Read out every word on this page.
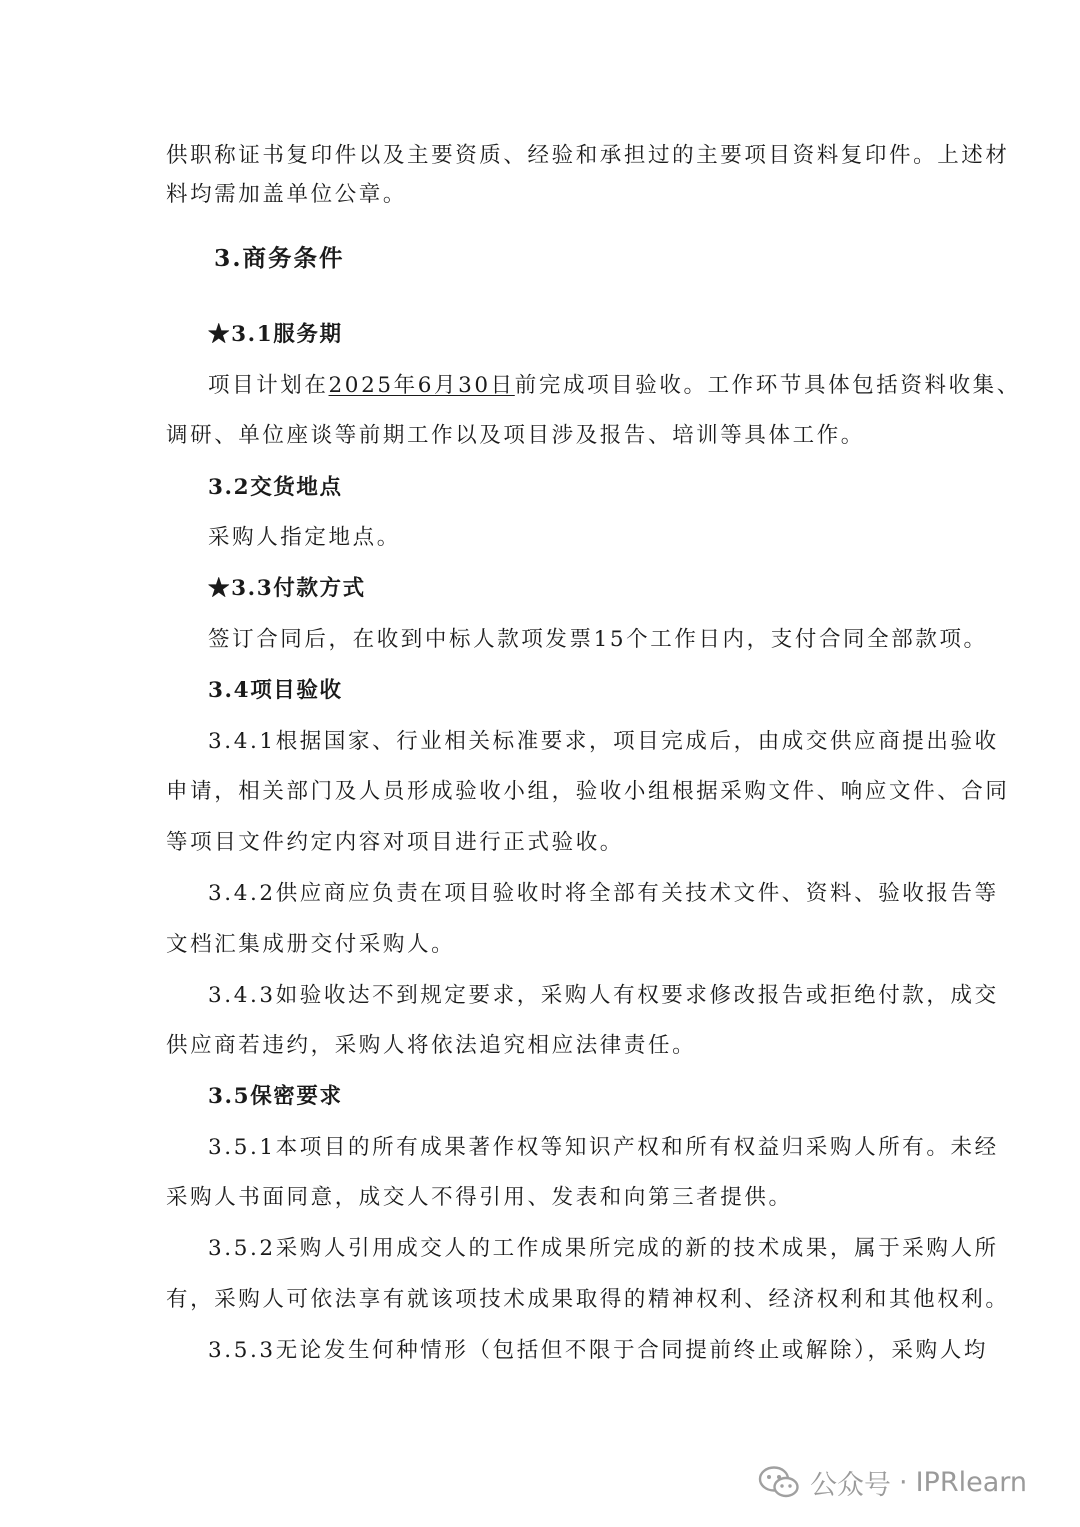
供职称证书复印件以及主要资质、经验和承担过的主要项目资料复印件。上述材
料均需加盖单位公章。
3.商务条件
★3.1服务期
项目计划在2025年6月30日前完成项目验收。工作环节具体包括资料收集、
调研、单位座谈等前期工作以及项目涉及报告、培训等具体工作。
3.2交货地点
采购人指定地点。
★3.3付款方式
签订合同后，在收到中标人款项发票15个工作日内，支付合同全部款项。
3.4项目验收
3.4.1根据国家、行业相关标准要求，项目完成后，由成交供应商提出验收
申请，相关部门及人员形成验收小组，验收小组根据采购文件、响应文件、合同
等项目文件约定内容对项目进行正式验收。
3.4.2供应商应负责在项目验收时将全部有关技术文件、资料、验收报告等
文档汇集成册交付采购人。
3.4.3如验收达不到规定要求，采购人有权要求修改报告或拒绝付款，成交
供应商若违约，采购人将依法追究相应法律责任。
3.5保密要求
3.5.1本项目的所有成果著作权等知识产权和所有权益归采购人所有。未经
采购人书面同意，成交人不得引用、发表和向第三者提供。
3.5.2采购人引用成交人的工作成果所完成的新的技术成果，属于采购人所
有，采购人可依法享有就该项技术成果取得的精神权利、经济权利和其他权利。
3.5.3无论发生何种情形（包括但不限于合同提前终止或解除），采购人均
公众号 · IPRlearn
